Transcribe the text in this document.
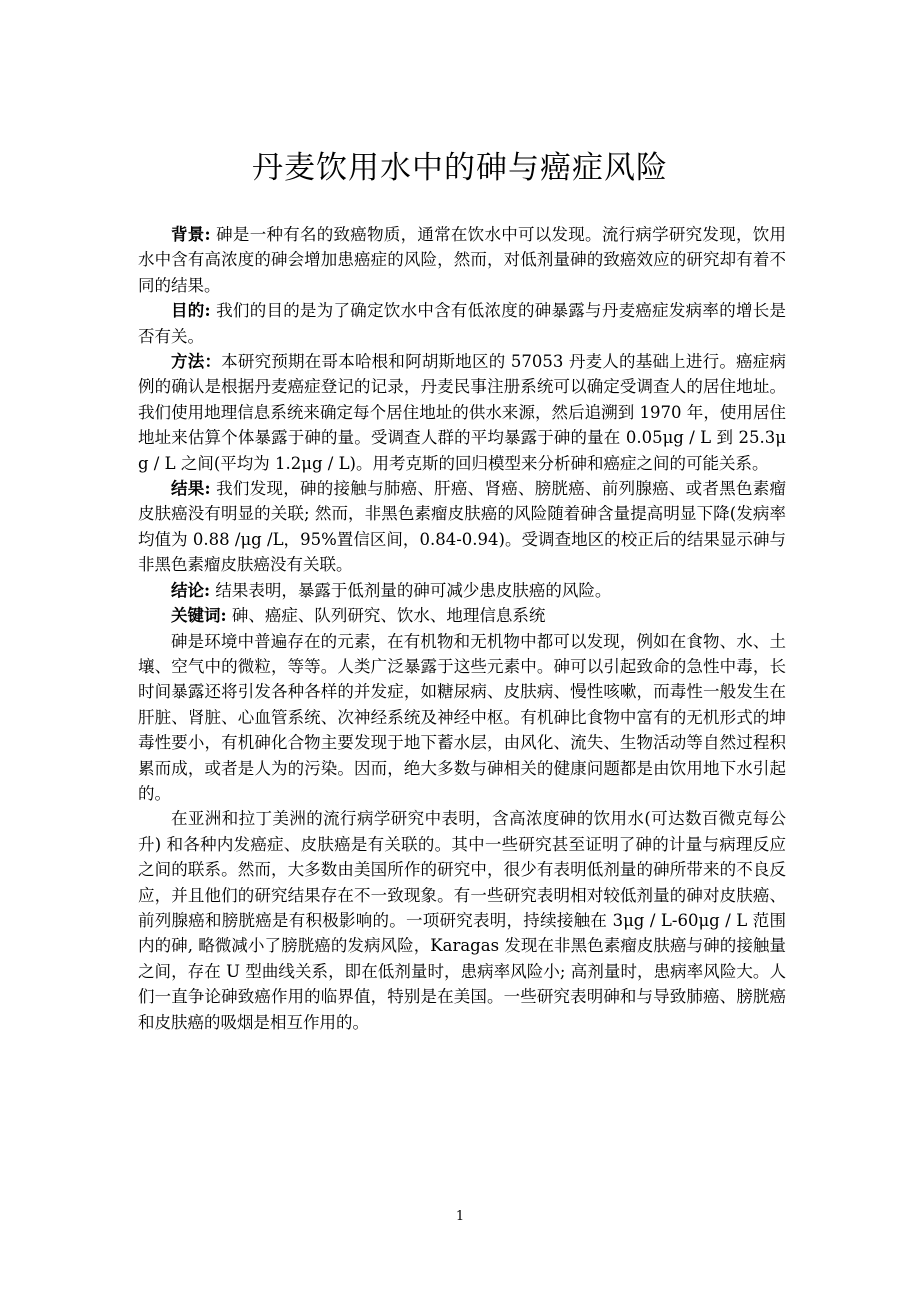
丹麦饮用水中的砷与癌症风险

背景: 砷是一种有名的致癌物质，通常在饮水中可以发现。流行病学研究发现，饮用水中含有高浓度的砷会增加患癌症的风险，然而，对低剂量砷的致癌效应的研究却有着不同的结果。

目的: 我们的目的是为了确定饮水中含有低浓度的砷暴露与丹麦癌症发病率的增长是否有关。

方法：本研究预期在哥本哈根和阿胡斯地区的 57053 丹麦人的基础上进行。癌症病例的确认是根据丹麦癌症登记的记录，丹麦民事注册系统可以确定受调查人的居住地址。我们使用地理信息系统来确定每个居住地址的供水来源，然后追溯到 1970 年，使用居住地址来估算个体暴露于砷的量。受调查人群的平均暴露于砷的量在 0.05μg / L 到 25.3μg / L 之间(平均为 1.2μg / L)。用考克斯的回归模型来分析砷和癌症之间的可能关系。

结果: 我们发现，砷的接触与肺癌、肝癌、肾癌、膀胱癌、前列腺癌、或者黑色素瘤皮肤癌没有明显的关联; 然而，非黑色素瘤皮肤癌的风险随着砷含量提高明显下降(发病率均值为 0.88 /μg /L，95%置信区间，0.84-0.94)。受调查地区的校正后的结果显示砷与非黑色素瘤皮肤癌没有关联。

结论: 结果表明，暴露于低剂量的砷可减少患皮肤癌的风险。

关键词: 砷、癌症、队列研究、饮水、地理信息系统

砷是环境中普遍存在的元素，在有机物和无机物中都可以发现，例如在食物、水、土壤、空气中的微粒，等等。人类广泛暴露于这些元素中。砷可以引起致命的急性中毒，长时间暴露还将引发各种各样的并发症，如糖尿病、皮肤病、慢性咳嗽，而毒性一般发生在肝脏、肾脏、心血管系统、次神经系统及神经中枢。有机砷比食物中富有的无机形式的坤毒性要小，有机砷化合物主要发现于地下蓄水层，由风化、流失、生物活动等自然过程积累而成，或者是人为的污染。因而，绝大多数与砷相关的健康问题都是由饮用地下水引起的。

在亚洲和拉丁美洲的流行病学研究中表明，含高浓度砷的饮用水(可达数百微克每公升) 和各种内发癌症、皮肤癌是有关联的。其中一些研究甚至证明了砷的计量与病理反应之间的联系。然而，大多数由美国所作的研究中，很少有表明低剂量的砷所带来的不良反应，并且他们的研究结果存在不一致现象。有一些研究表明相对较低剂量的砷对皮肤癌、前列腺癌和膀胱癌是有积极影响的。一项研究表明，持续接触在 3μg / L-60μg / L 范围内的砷, 略微减小了膀胱癌的发病风险，Karagas 发现在非黑色素瘤皮肤癌与砷的接触量之间，存在 U 型曲线关系，即在低剂量时，患病率风险小; 高剂量时，患病率风险大。人们一直争论砷致癌作用的临界值，特别是在美国。一些研究表明砷和与导致肺癌、膀胱癌和皮肤癌的吸烟是相互作用的。

1
